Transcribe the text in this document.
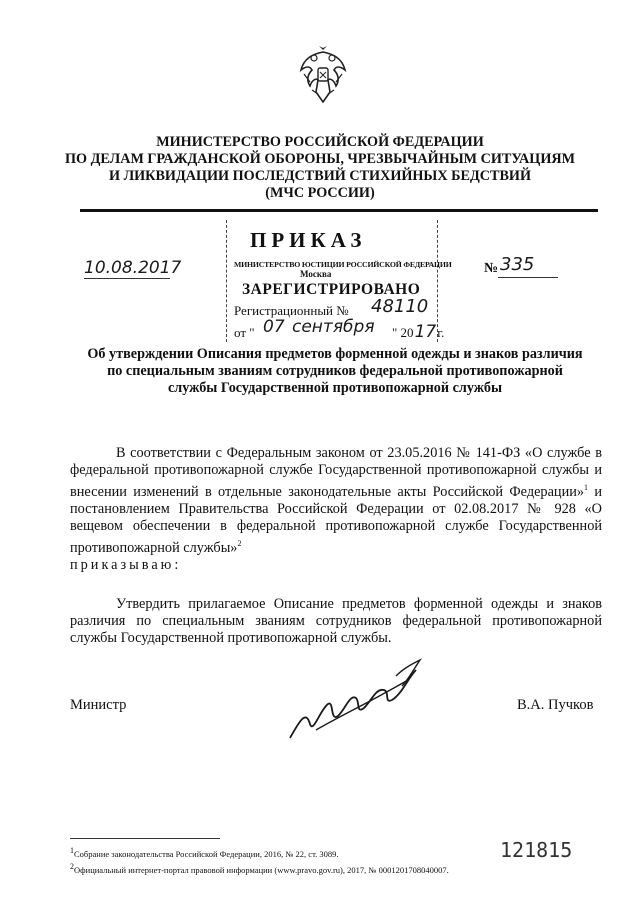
МИНИСТЕРСТВО РОССИЙСКОЙ ФЕДЕРАЦИИ
ПО ДЕЛАМ ГРАЖДАНСКОЙ ОБОРОНЫ, ЧРЕЗВЫЧАЙНЫМ СИТУАЦИЯМ
И ЛИКВИДАЦИИ ПОСЛЕДСТВИЙ СТИХИЙНЫХ БЕДСТВИЙ
(МЧС РОССИИ)
ПРИКАЗ
10.08.2017	№ 335
МИНИСТЕРСТВО ЮСТИЦИИ РОССИЙСКОЙ ФЕДЕРАЦИИ
Москва
ЗАРЕГИСТРИРОВАНО
Регистрационный № 48110
от " 07 сентября " 2017г.
Об утверждении Описания предметов форменной одежды и знаков различия
по специальным званиям сотрудников федеральной противопожарной
службы Государственной противопожарной службы
В соответствии с Федеральным законом от 23.05.2016 № 141-ФЗ «О службе в федеральной противопожарной службе Государственной противопожарной службы и внесении изменений в отдельные законодательные акты Российской Федерации»$^1$ и постановлением Правительства Российской Федерации от 02.08.2017 № 928 «О вещевом обеспечении в федеральной противопожарной службе Государственной противопожарной службы»$^2$
приказываю:
Утвердить прилагаемое Описание предметов форменной одежды и знаков различия по специальным званиям сотрудников федеральной противопожарной службы Государственной противопожарной службы.
Министр	В.А. Пучков
$^1$Собрание законодательства Российской Федерации, 2016, № 22, ст. 3089.
$^2$Официальный интернет-портал правовой информации (www.pravo.gov.ru), 2017, № 0001201708040007.
121815
